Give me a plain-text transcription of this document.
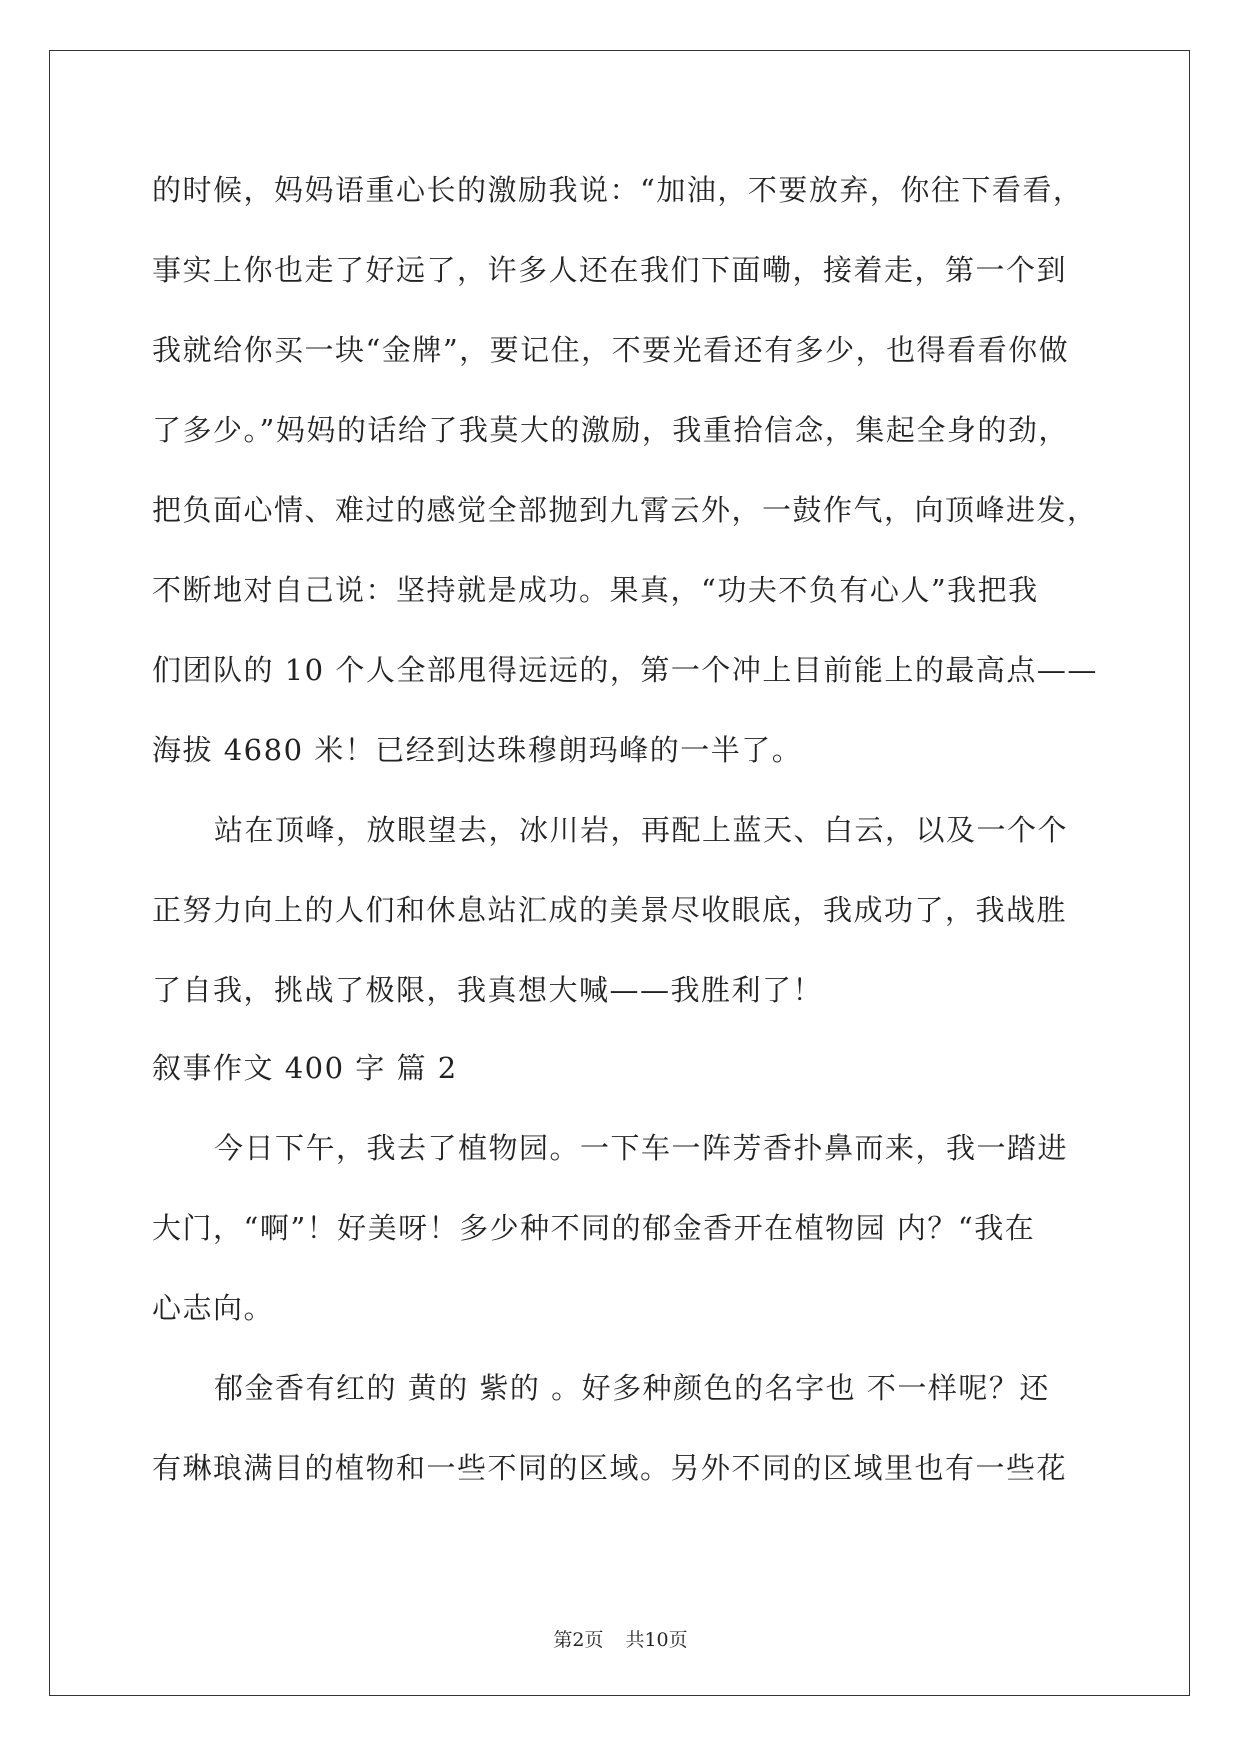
的时候，妈妈语重心长的激励我说：“加油，不要放弃，你往下看看，
事实上你也走了好远了，许多人还在我们下面嘞，接着走，第一个到
我就给你买一块“金牌”，要记住，不要光看还有多少，也得看看你做
了多少。”妈妈的话给了我莫大的激励，我重拾信念，集起全身的劲，
把负面心情、难过的感觉全部抛到九霄云外，一鼓作气，向顶峰进发，
不断地对自己说：坚持就是成功。果真，“功夫不负有心人”我把我
们团队的 10 个人全部甩得远远的，第一个冲上目前能上的最高点——
海拔 4680 米！已经到达珠穆朗玛峰的一半了。
站在顶峰，放眼望去，冰川岩，再配上蓝天、白云，以及一个个
正努力向上的人们和休息站汇成的美景尽收眼底，我成功了，我战胜
了自我，挑战了极限，我真想大喊——我胜利了！
叙事作文 400 字 篇 2
今日下午，我去了植物园。一下车一阵芳香扑鼻而来，我一踏进
大门，“啊”！好美呀！多少种不同的郁金香开在植物园 内？“我在
心志向。
郁金香有红的 黄的 紫的 。好多种颜色的名字也 不一样呢？还
有琳琅满目的植物和一些不同的区域。另外不同的区域里也有一些花
第2页 共10页
